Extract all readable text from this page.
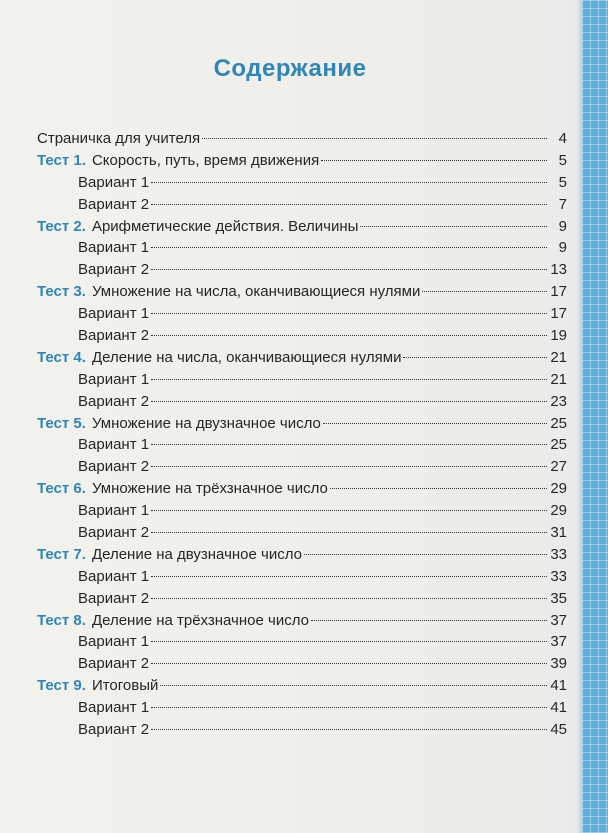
Содержание
Страничка для учителя	4
Тест 1. Скорость, путь, время движения	5
Вариант 1	5
Вариант 2	7
Тест 2. Арифметические действия. Величины	9
Вариант 1	9
Вариант 2	13
Тест 3. Умножение на числа, оканчивающиеся нулями	17
Вариант 1	17
Вариант 2	19
Тест 4. Деление на числа, оканчивающиеся нулями	21
Вариант 1	21
Вариант 2	23
Тест 5. Умножение на двузначное число	25
Вариант 1	25
Вариант 2	27
Тест 6. Умножение на трёхзначное число	29
Вариант 1	29
Вариант 2	31
Тест 7. Деление на двузначное число	33
Вариант 1	33
Вариант 2	35
Тест 8. Деление на трёхзначное число	37
Вариант 1	37
Вариант 2	39
Тест 9. Итоговый	41
Вариант 1	41
Вариант 2	45
